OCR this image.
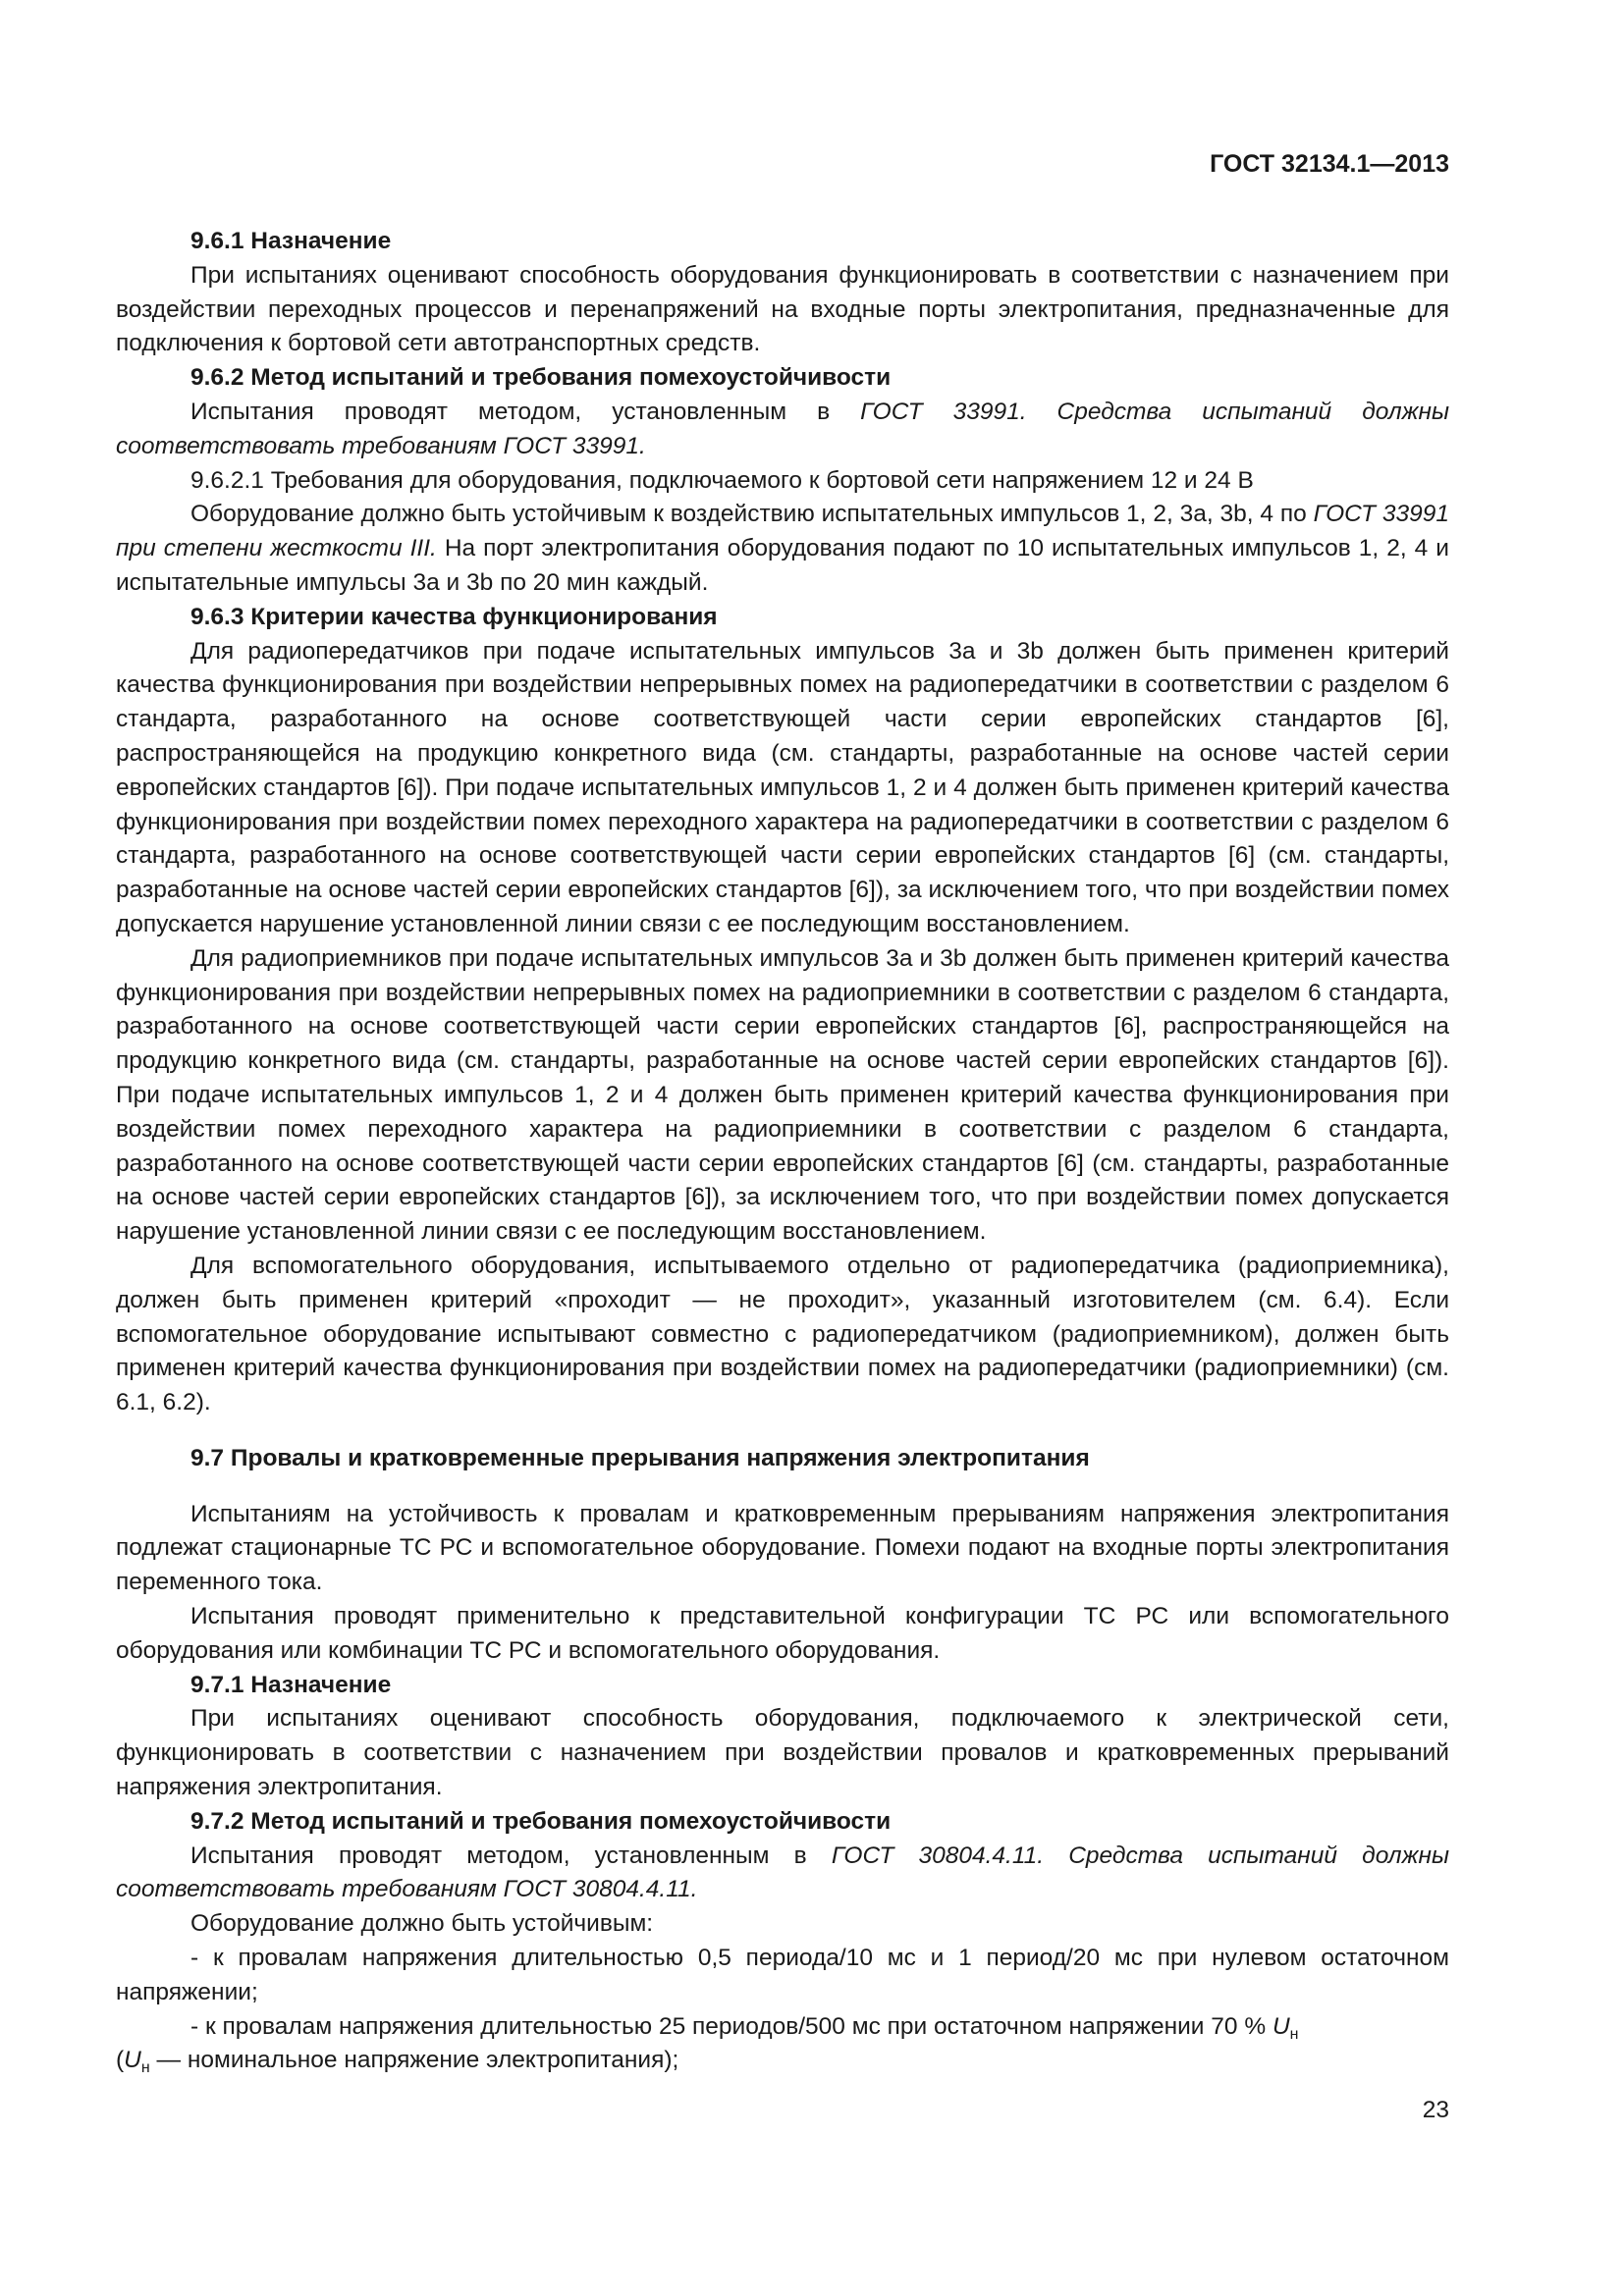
ГОСТ 32134.1—2013

9.6.1 Назначение

При испытаниях оценивают способность оборудования функционировать в соответствии с назначением при воздействии переходных процессов и перенапряжений на входные порты электропитания, предназначенные для подключения к бортовой сети автотранспортных средств.

9.6.2 Метод испытаний и требования помехоустойчивости

Испытания проводят методом, установленным в ГОСТ 33991. Средства испытаний должны соответствовать требованиям ГОСТ 33991.

9.6.2.1 Требования для оборудования, подключаемого к бортовой сети напряжением 12 и 24 В

Оборудование должно быть устойчивым к воздействию испытательных импульсов 1, 2, 3a, 3b, 4 по ГОСТ 33991 при степени жесткости III. На порт электропитания оборудования подают по 10 испытательных импульсов 1, 2, 4 и испытательные импульсы 3a и 3b по 20 мин каждый.

9.6.3 Критерии качества функционирования

Для радиопередатчиков при подаче испытательных импульсов 3a и 3b должен быть применен критерий качества функционирования при воздействии непрерывных помех на радиопередатчики в соответствии с разделом 6 стандарта, разработанного на основе соответствующей части серии европейских стандартов [6], распространяющейся на продукцию конкретного вида (см. стандарты, разработанные на основе частей серии европейских стандартов [6]). При подаче испытательных импульсов 1, 2 и 4 должен быть применен критерий качества функционирования при воздействии помех переходного характера на радиопередатчики в соответствии с разделом 6 стандарта, разработанного на основе соответствующей части серии европейских стандартов [6] (см. стандарты, разработанные на основе частей серии европейских стандартов [6]), за исключением того, что при воздействии помех допускается нарушение установленной линии связи с ее последующим восстановлением.

Для радиоприемников при подаче испытательных импульсов 3a и 3b должен быть применен критерий качества функционирования при воздействии непрерывных помех на радиоприемники в соответствии с разделом 6 стандарта, разработанного на основе соответствующей части серии европейских стандартов [6], распространяющейся на продукцию конкретного вида (см. стандарты, разработанные на основе частей серии европейских стандартов [6]). При подаче испытательных импульсов 1, 2 и 4 должен быть применен критерий качества функционирования при воздействии помех переходного характера на радиоприемники в соответствии с разделом 6 стандарта, разработанного на основе соответствующей части серии европейских стандартов [6] (см. стандарты, разработанные на основе частей серии европейских стандартов [6]), за исключением того, что при воздействии помех допускается нарушение установленной линии связи с ее последующим восстановлением.

Для вспомогательного оборудования, испытываемого отдельно от радиопередатчика (радиоприемника), должен быть применен критерий «проходит — не проходит», указанный изготовителем (см. 6.4). Если вспомогательное оборудование испытывают совместно с радиопередатчиком (радиоприемником), должен быть применен критерий качества функционирования при воздействии помех на радиопередатчики (радиоприемники) (см. 6.1, 6.2).

9.7 Провалы и кратковременные прерывания напряжения электропитания

Испытаниям на устойчивость к провалам и кратковременным прерываниям напряжения электропитания подлежат стационарные ТС РС и вспомогательное оборудование. Помехи подают на входные порты электропитания переменного тока.

Испытания проводят применительно к представительной конфигурации ТС РС или вспомогательного оборудования или комбинации ТС РС и вспомогательного оборудования.

9.7.1 Назначение

При испытаниях оценивают способность оборудования, подключаемого к электрической сети, функционировать в соответствии с назначением при воздействии провалов и кратковременных прерываний напряжения электропитания.

9.7.2 Метод испытаний и требования помехоустойчивости

Испытания проводят методом, установленным в ГОСТ 30804.4.11. Средства испытаний должны соответствовать требованиям ГОСТ 30804.4.11.

Оборудование должно быть устойчивым:

- к провалам напряжения длительностью 0,5 периода/10 мс и 1 период/20 мс при нулевом остаточном напряжении;

- к провалам напряжения длительностью 25 периодов/500 мс при остаточном напряжении 70 % $U_н$
($U_н$ — номинальное напряжение электропитания);

23
